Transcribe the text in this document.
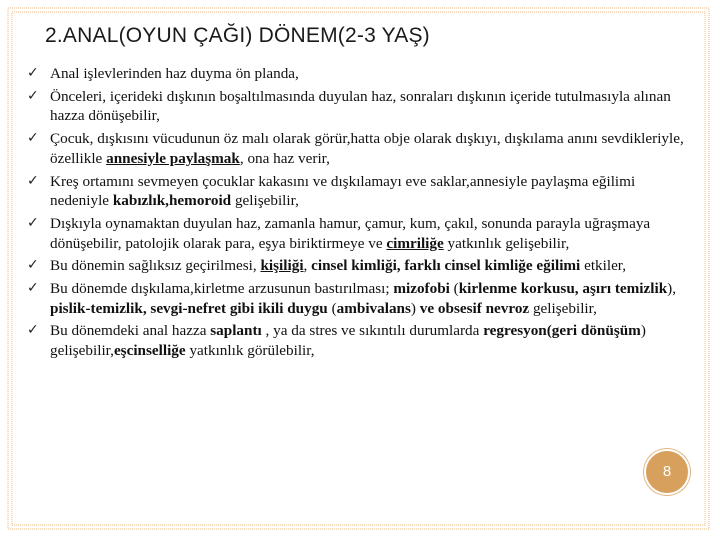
2.ANAL(OYUN ÇAĞI) DÖNEM(2-3 YAŞ)
✓ Anal işlevlerinden haz duyma ön planda,
✓ Önceleri, içerideki dışkının boşaltılmasında duyulan haz, sonraları dışkının içeride tutulmasıyla alınan hazza dönüşebilir,
✓ Çocuk, dışkısını vücudunun öz malı olarak görür,hatta obje olarak dışkıyı, dışkılama anını sevdikleriyle, özellikle annesiyle paylaşmak, ona haz verir,
✓ Kreş ortamını sevmeyen çocuklar kakasını ve dışkılamayı eve saklar,annesiyle paylaşma eğilimi nedeniyle kabızlık,hemoroid gelişebilir,
✓ Dışkıyla oynamaktan duyulan haz, zamanla hamur, çamur, kum, çakıl, sonunda parayla uğraşmaya dönüşebilir, patolojik olarak para, eşya biriktirmeye ve cimriliğe yatkınlık gelişebilir,
✓ Bu dönemin sağlıksız geçirilmesi, kişiliği, cinsel kimliği, farklı cinsel kimliğe eğilimi etkiler,
✓ Bu dönemde dışkılama,kirletme arzusunun bastırılması; mizofobi (kirlenme korkusu, aşırı temizlik), pislik-temizlik, sevgi-nefret gibi ikili duygu (ambivalans) ve obsesif nevroz gelişebilir,
✓ Bu dönemdeki anal hazza saplantı , ya da stres ve sıkıntılı durumlarda regresyon(geri dönüşüm) gelişebilir,eşcinselliğe yatkınlık görülebilir,
8
